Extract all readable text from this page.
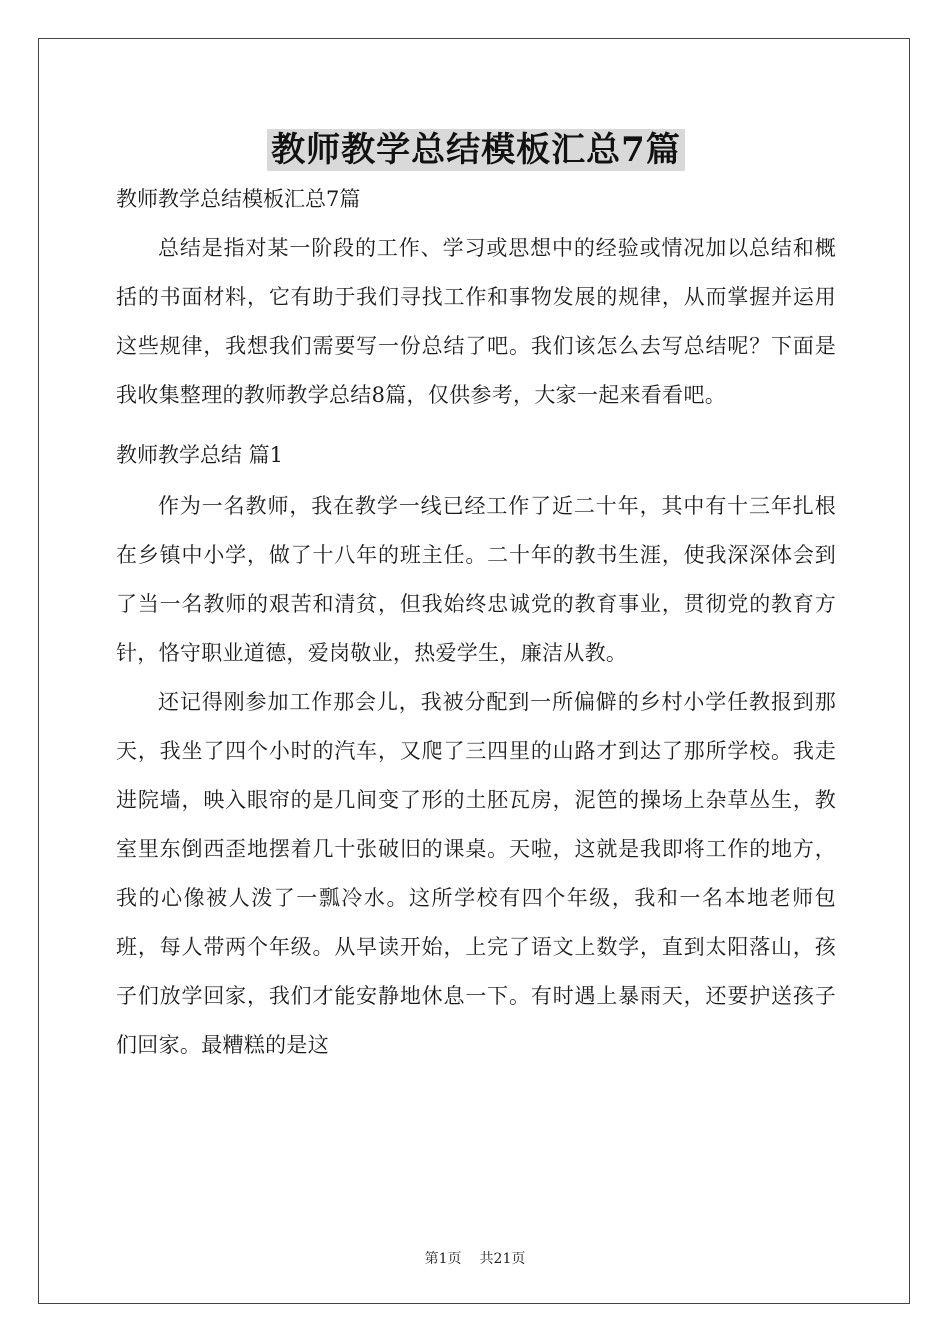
教师教学总结模板汇总7篇
教师教学总结模板汇总7篇

总结是指对某一阶段的工作、学习或思想中的经验或情况加以总结和概括的书面材料，它有助于我们寻找工作和事物发展的规律，从而掌握并运用这些规律，我想我们需要写一份总结了吧。我们该怎么去写总结呢？下面是我收集整理的教师教学总结8篇，仅供参考，大家一起来看看吧。

教师教学总结 篇1

作为一名教师，我在教学一线已经工作了近二十年，其中有十三年扎根在乡镇中小学，做了十八年的班主任。二十年的教书生涯，使我深深体会到了当一名教师的艰苦和清贫，但我始终忠诚党的教育事业，贯彻党的教育方针，恪守职业道德，爱岗敬业，热爱学生，廉洁从教。

还记得刚参加工作那会儿，我被分配到一所偏僻的乡村小学任教报到那天，我坐了四个小时的汽车，又爬了三四里的山路才到达了那所学校。我走进院墙，映入眼帘的是几间变了形的土胚瓦房，泥笆的操场上杂草丛生，教室里东倒西歪地摆着几十张破旧的课桌。天啦，这就是我即将工作的地方，我的心像被人泼了一瓢冷水。这所学校有四个年级，我和一名本地老师包班，每人带两个年级。从早读开始，上完了语文上数学，直到太阳落山，孩子们放学回家，我们才能安静地休息一下。有时遇上暴雨天，还要护送孩子们回家。最糟糕的是这

第1页 共21页
